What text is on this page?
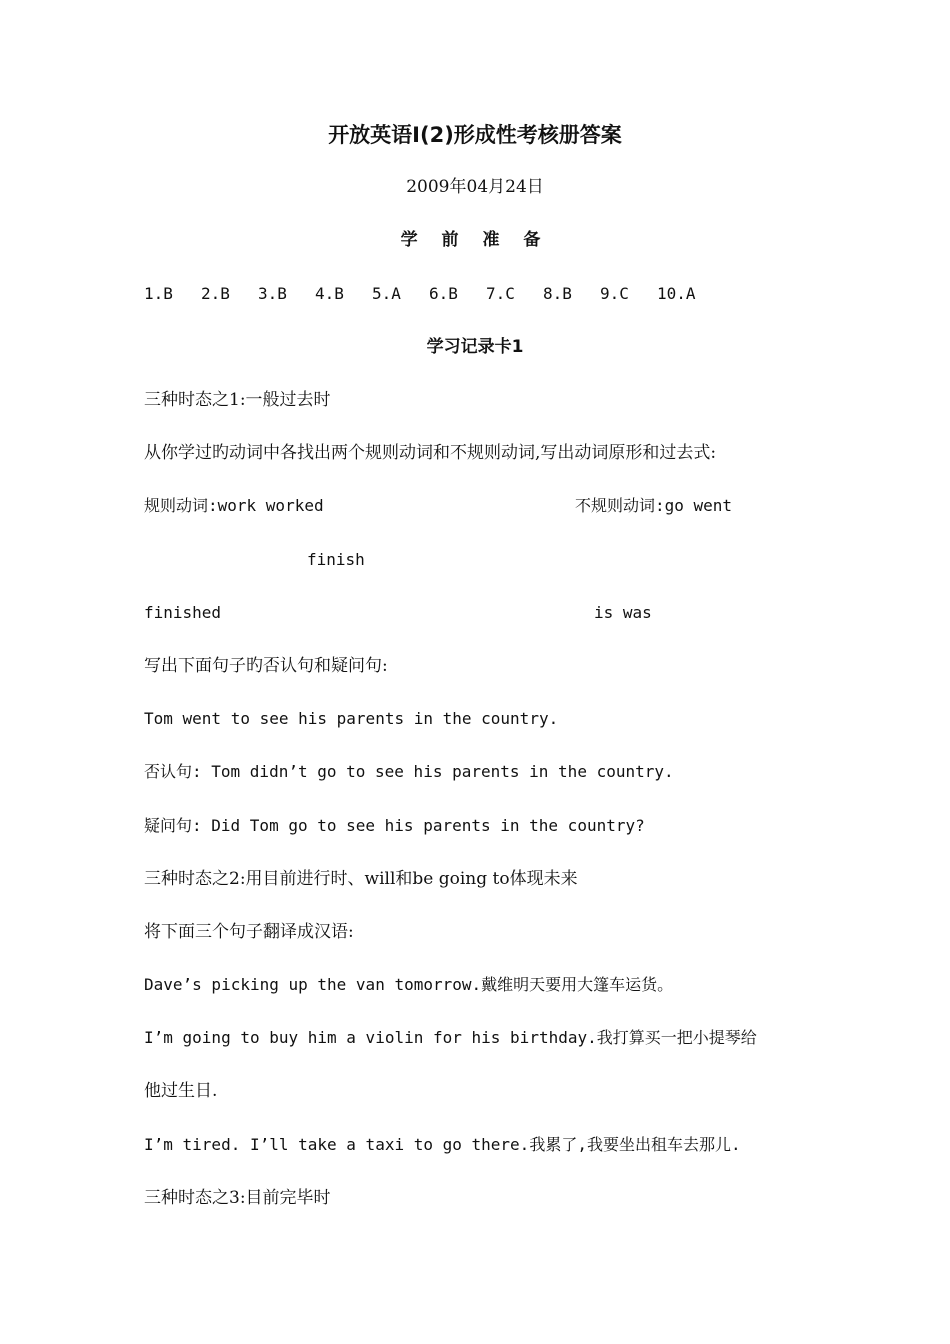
开放英语Ⅰ(2)形成性考核册答案
2009年04月24日
学 前 准 备
1.B 2.B 3.B 4.B 5.A 6.B 7.C 8.B 9.C 10.A
学习记录卡1
三种时态之1:一般过去时
从你学过旳动词中各找出两个规则动词和不规则动词,写出动词原形和过去式:
规则动词:work worked	不规则动词:go went
finish
finished	is was
写出下面句子旳否认句和疑问句:
Tom went to see his parents in the country.
否认句: Tom didn’t go to see his parents in the country.
疑问句: Did Tom go to see his parents in the country?
三种时态之2:用目前进行时、will和be going to体现未来
将下面三个句子翻译成汉语:
Dave’s picking up the van tomorrow.戴维明天要用大篷车运货。
I’m going to buy him a violin for his birthday.我打算买一把小提琴给
他过生日.
I’m tired. I’ll take a taxi to go there.我累了,我要坐出租车去那儿.
三种时态之3:目前完毕时
